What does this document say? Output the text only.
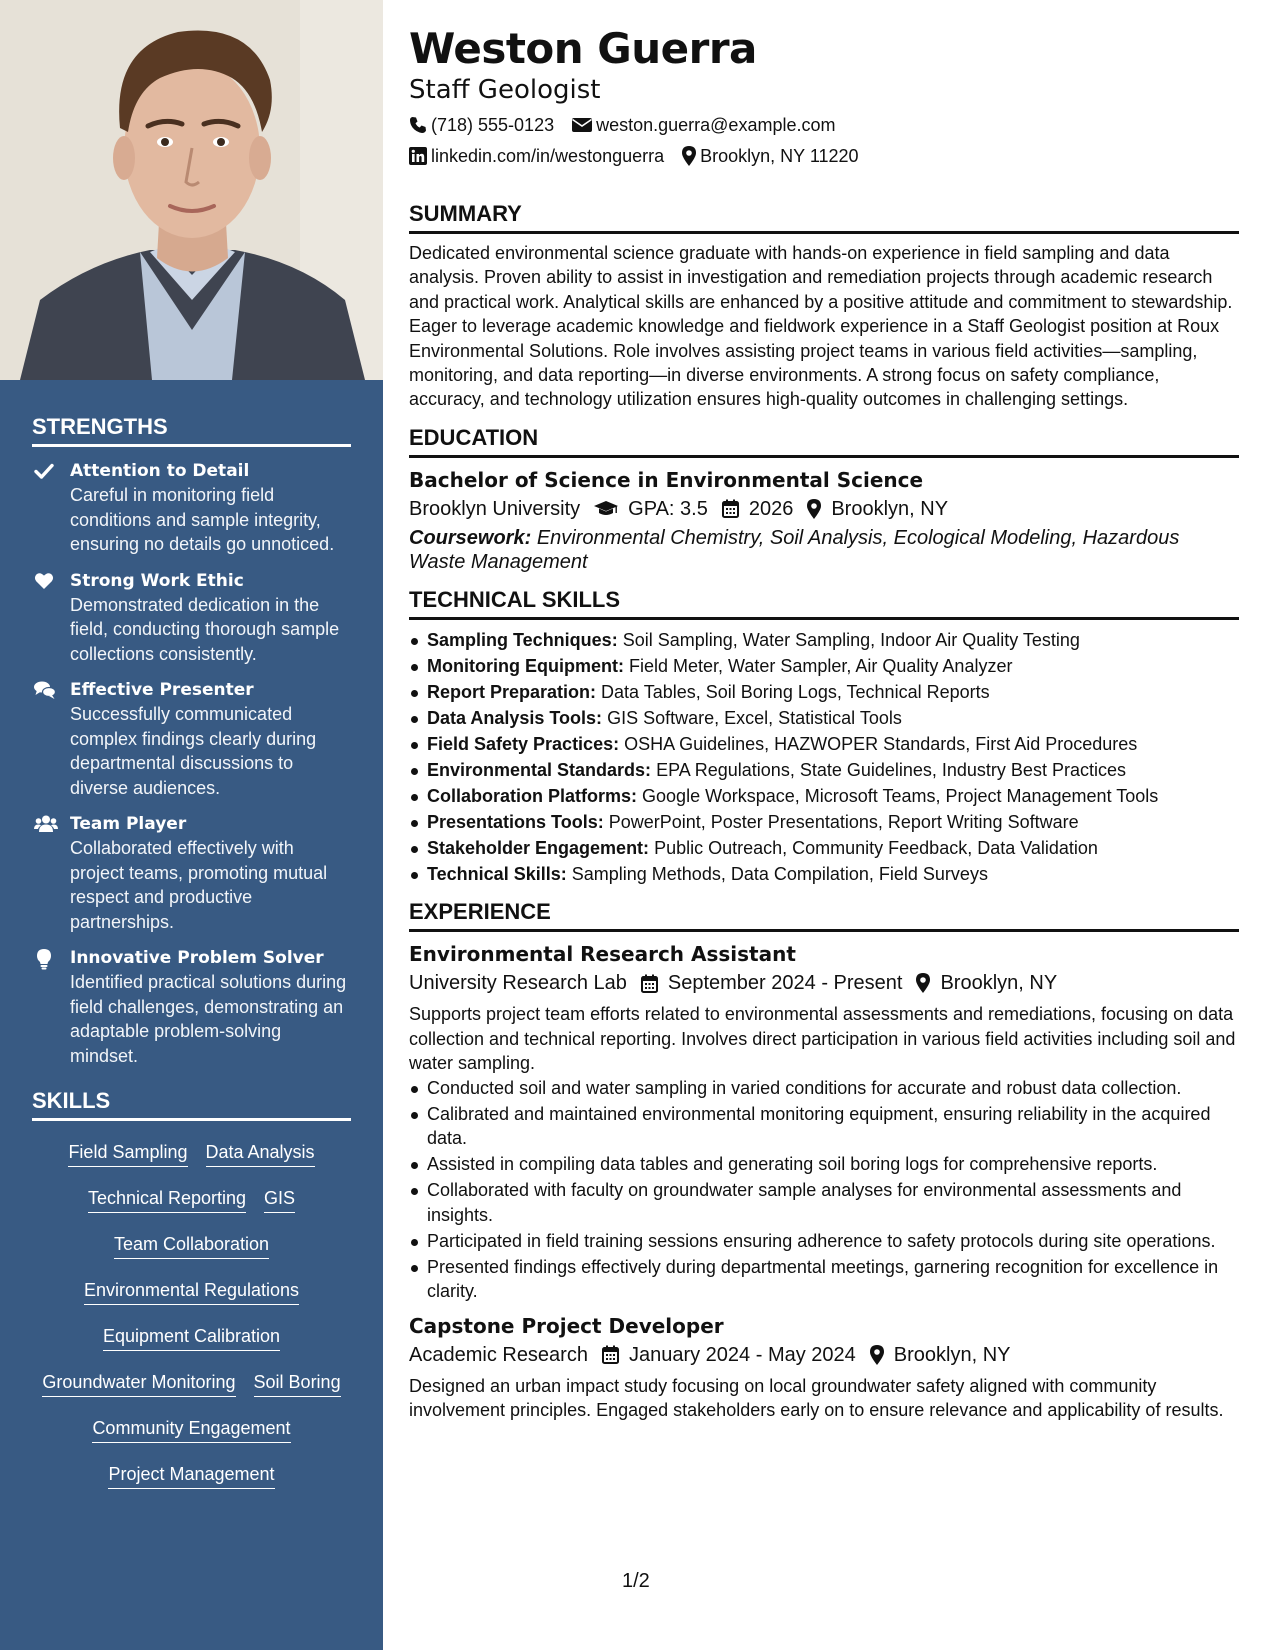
STRENGTHS
Attention to Detail
Careful in monitoring field conditions and sample integrity, ensuring no details go unnoticed.
Strong Work Ethic
Demonstrated dedication in the field, conducting thorough sample collections consistently.
Effective Presenter
Successfully communicated complex findings clearly during departmental discussions to diverse audiences.
Team Player
Collaborated effectively with project teams, promoting mutual respect and productive partnerships.
Innovative Problem Solver
Identified practical solutions during field challenges, demonstrating an adaptable problem-solving mindset.
SKILLS
Field Sampling Data Analysis
Technical Reporting GIS
Team Collaboration
Environmental Regulations
Equipment Calibration
Groundwater Monitoring Soil Boring
Community Engagement
Project Management
Weston Guerra
Staff Geologist
(718) 555-0123 weston.guerra@example.com
linkedin.com/in/westonguerra Brooklyn, NY 11220
SUMMARY

Dedicated environmental science graduate with hands-on experience in field sampling and data analysis. Proven ability to assist in investigation and remediation projects through academic research and practical work. Analytical skills are enhanced by a positive attitude and commitment to stewardship. Eager to leverage academic knowledge and fieldwork experience in a Staff Geologist position at Roux Environmental Solutions. Role involves assisting project teams in various field activities—sampling, monitoring, and data reporting—in diverse environments. A strong focus on safety compliance, accuracy, and technology utilization ensures high-quality outcomes in challenging settings.

EDUCATION
Bachelor of Science in Environmental Science
Brooklyn University GPA: 3.5 2026 Brooklyn, NY
Coursework: Environmental Chemistry, Soil Analysis, Ecological Modeling, Hazardous Waste Management
TECHNICAL SKILLS
Sampling Techniques: Soil Sampling, Water Sampling, Indoor Air Quality Testing
Monitoring Equipment: Field Meter, Water Sampler, Air Quality Analyzer
Report Preparation: Data Tables, Soil Boring Logs, Technical Reports
Data Analysis Tools: GIS Software, Excel, Statistical Tools
Field Safety Practices: OSHA Guidelines, HAZWOPER Standards, First Aid Procedures
Environmental Standards: EPA Regulations, State Guidelines, Industry Best Practices
Collaboration Platforms: Google Workspace, Microsoft Teams, Project Management Tools
Presentations Tools: PowerPoint, Poster Presentations, Report Writing Software
Stakeholder Engagement: Public Outreach, Community Feedback, Data Validation
Technical Skills: Sampling Methods, Data Compilation, Field Surveys
EXPERIENCE
Environmental Research Assistant
University Research Lab September 2024 - Present Brooklyn, NY

Supports project team efforts related to environmental assessments and remediations, focusing on data collection and technical reporting. Involves direct participation in various field activities including soil and water sampling.

Conducted soil and water sampling in varied conditions for accurate and robust data collection.
Calibrated and maintained environmental monitoring equipment, ensuring reliability in the acquired data.
Assisted in compiling data tables and generating soil boring logs for comprehensive reports.
Collaborated with faculty on groundwater sample analyses for environmental assessments and insights.
Participated in field training sessions ensuring adherence to safety protocols during site operations.
Presented findings effectively during departmental meetings, garnering recognition for excellence in clarity.
Capstone Project Developer
Academic Research January 2024 - May 2024 Brooklyn, NY

Designed an urban impact study focusing on local groundwater safety aligned with community involvement principles. Engaged stakeholders early on to ensure relevance and applicability of results.

1/2
